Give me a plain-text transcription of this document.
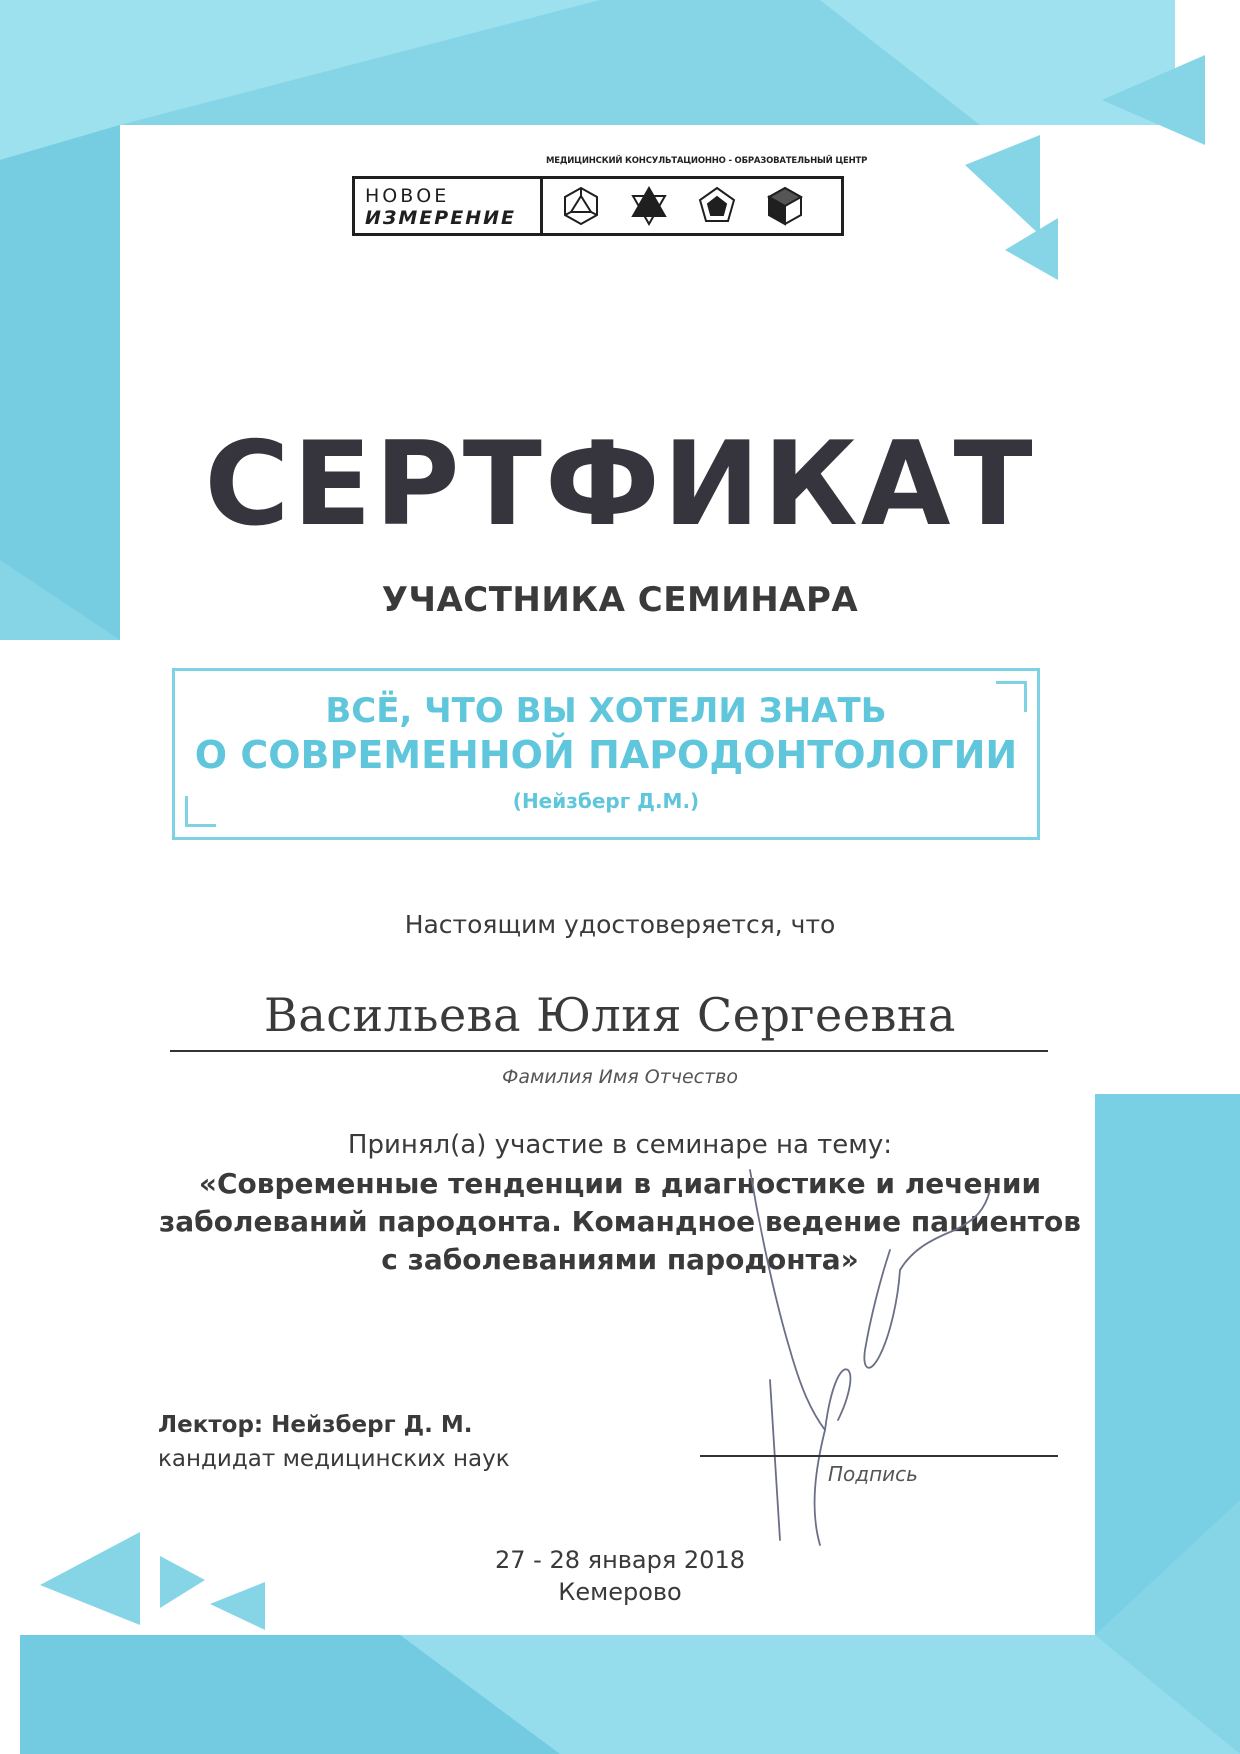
МЕДИЦИНСКИЙ КОНСУЛЬТАЦИОННО - ОБРАЗОВАТЕЛЬНЫЙ ЦЕНТР
НОВОЕ
ИЗМЕРЕНИЕ
СЕРТФИКАТ
УЧАСТНИКА СЕМИНАРА
ВСЁ, ЧТО ВЫ ХОТЕЛИ ЗНАТЬ
О СОВРЕМЕННОЙ ПАРОДОНТОЛОГИИ
(Нейзберг Д.М.)
Настоящим удостоверяется, что
Васильева Юлия Сергеевна
Фамилия Имя Отчество
Принял(а) участие в семинаре на тему:
«Современные тенденции в диагностике и лечении
заболеваний пародонта. Командное ведение пациентов
с заболеваниями пародонта»
Лектор: Нейзберг Д. М.
кандидат медицинских наук
Подпись
27 - 28 января 2018
Кемерово
